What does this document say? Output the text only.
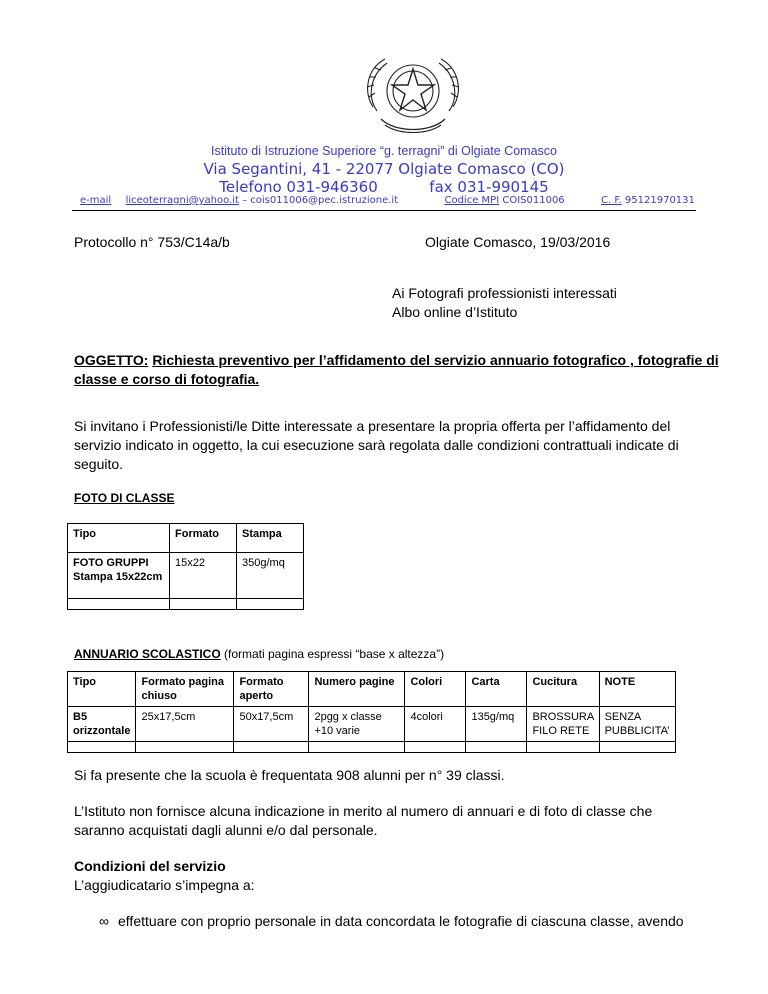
Istituto di Istruzione Superiore “g. terragni” di Olgiate Comasco
Via Segantini, 41 - 22077 Olgiate Comasco (CO)
Telefono 031-946360	fax 031-990145
e-mail liceoterragni@yahoo.it – cois011006@pec.istruzione.it	Codice MPI COIS011006	C. F. 95121970131
Protocollo n° 753/C14a/b	Olgiate Comasco, 19/03/2016
Ai Fotografi professionisti interessati
Albo online d’Istituto
OGGETTO: Richiesta preventivo per l’affidamento del servizio annuario fotografico , fotografie di
classe e corso di fotografia.
Si invitano i Professionisti/le Ditte interessate a presentare la propria offerta per l’affidamento del
servizio indicato in oggetto, la cui esecuzione sarà regolata dalle condizioni contrattuali indicate di
seguito.
FOTO DI CLASSE
Tipo	Formato	Stampa
FOTO GRUPPI Stampa 15x22cm	15x22	350g/mq

ANNUARIO SCOLASTICO (formati pagina espressi “base x altezza”)
Tipo	Formato pagina chiuso	Formato aperto	Numero pagine	Colori	Carta	Cucitura	NOTE
B5 orizzontale	25x17,5cm	50x17,5cm	2pgg x classe +10 varie	4colori	135g/mq	BROSSURA FILO RETE	SENZA PUBBLICITA’

Si fa presente che la scuola è frequentata 908 alunni per n° 39 classi.
L’Istituto non fornisce alcuna indicazione in merito al numero di annuari e di foto di classe che
saranno acquistati dagli alunni e/o dal personale.
Condizioni del servizio
L’aggiudicatario s’impegna a:
∞ effettuare con proprio personale in data concordata le fotografie di ciascuna classe, avendo
